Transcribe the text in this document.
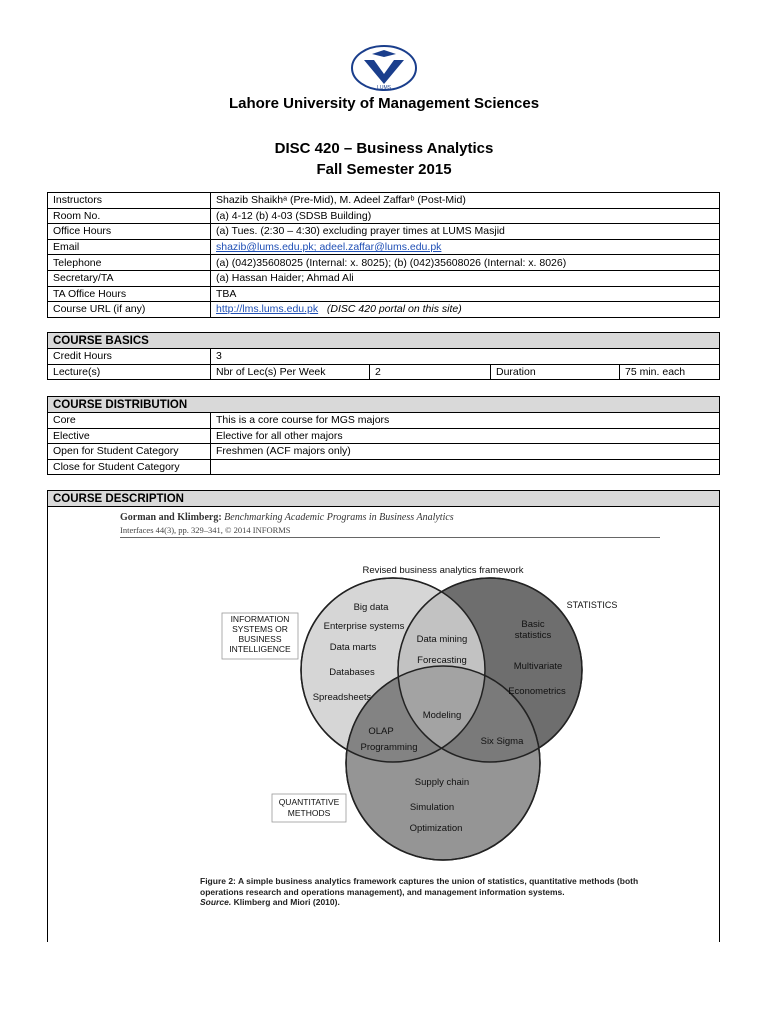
LUMS
Lahore University of Management Sciences
DISC 420 – Business Analytics
Fall Semester 2015
Instructors	Shazib Shaikhᵃ (Pre-Mid), M. Adeel Zaffarᵇ (Post-Mid)
Room No.	(a) 4-12 (b) 4-03 (SDSB Building)
Office Hours	(a) Tues. (2:30 – 4:30) excluding prayer times at LUMS Masjid
Email	shazib@lums.edu.pk; adeel.zaffar@lums.edu.pk
Telephone	(a) (042)35608025 (Internal: x. 8025); (b) (042)35608026 (Internal: x. 8026)
Secretary/TA	(a) Hassan Haider; Ahmad Ali
TA Office Hours	TBA
Course URL (if any)	http://lms.lums.edu.pk (DISC 420 portal on this site)
COURSE BASICS				
Credit Hours	3			
Lecture(s)	Nbr of Lec(s) Per Week	2	Duration	75 min. each
COURSE DISTRIBUTION	
Core	This is a core course for MGS majors
Elective	Elective for all other majors
Open for Student Category	Freshmen (ACF majors only)
Close for Student Category	
COURSE DESCRIPTION
Gorman and Klimberg: Benchmarking Academic Programs in Business Analytics
Interfaces 44(3), pp. 329–341, © 2014 INFORMS
Revised business analytics framework
INFORMATION
SYSTEMS OR
BUSINESS
INTELLIGENCE
STATISTICS
QUANTITATIVE
METHODS
Big data
Enterprise systems
Data marts
Databases
Spreadsheets
Data mining
Forecasting
Basic
statistics
Multivariate
Econometrics
Modeling
OLAP
Programming
Six Sigma
Supply chain
Simulation
Optimization
Figure 2: A simple business analytics framework captures the union of statistics, quantitative methods (both operations research and operations management), and management information systems.
Source. Klimberg and Miori (2010).
